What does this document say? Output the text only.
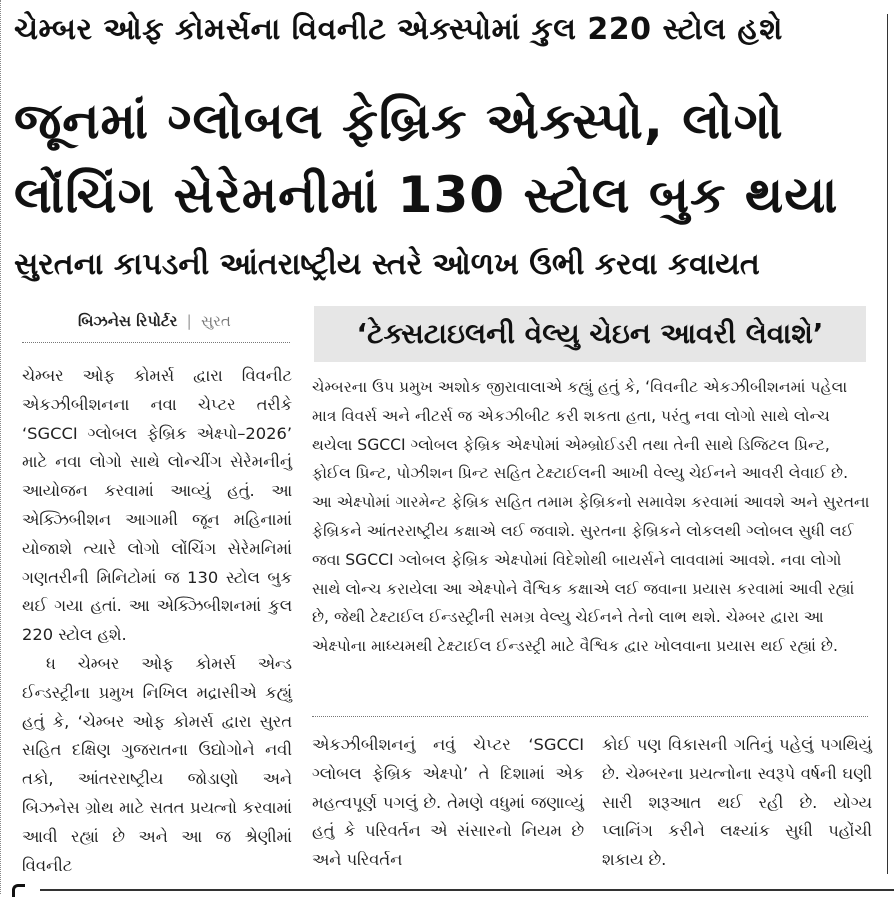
ચેમ્બર ઓફ કોમર્સના વિવનીટ એક્સ્પોમાં કુલ 220 સ્ટોલ હશે
જૂનમાં ગ્લોબલ ફેબ્રિક એક્સ્પો, લોગો
લોંચિંગ સેરેમનીમાં 130 સ્ટોલ બુક થયા
સુરતના કાપડની આંતરાષ્ટ્રીય સ્તરે ઓળખ ઉભી કરવા કવાયત
બિઝનેસ રિપોર્ટર | સુરત	‘ટેક્સટાઇલની વેલ્યુ ચેઇન આવરી લેવાશે’

ચેમ્બર ઓફ કોમર્સ દ્વારા વિવનીટ એકઝીબીશનના નવા ચેપ્ટર તરીકે ‘SGCCI ગ્લોબલ ફેબ્રિક એક્ષ્પો–2026’ માટે નવા લોગો સાથે લોન્ચીંગ સેરેમનીનું આયોજન કરવામાં આવ્યું હતું. આ એક્ઝિબીશન આગામી જૂન મહિનામાં યોજાશે ત્યારે લોગો લોંચિંગ સેરેમનિમાં ગણતરીની મિનિટોમાં જ 130 સ્ટોલ બુક થઈ ગયા હતાં. આ એક્ઝિબીશનમાં કુલ 220 સ્ટોલ હશે.

ધ ચેમ્બર ઓફ કોમર્સ એન્ડ ઈન્ડસ્ટ્રીના પ્રમુખ નિખિલ મદ્રાસીએ કહ્યું હતું કે, ‘ચેમ્બર ઓફ કોમર્સ દ્વારા સુરત સહિત દક્ષિણ ગુજરાતના ઉદ્યોગોને નવી તકો, આંતરરાષ્ટ્રીય જોડાણો અને બિઝનેસ ગ્રોથ માટે સતત પ્રયત્નો કરવામાં આવી રહ્યાં છે અને આ જ શ્રેણીમાં વિવનીટ

ચેમ્બરના ઉપ પ્રમુખ અશોક જીરાવાલાએ કહ્યું હતું કે, ‘વિવનીટ એકઝીબીશનમાં પહેલા માત્ર વિવર્સ અને નીટર્સ જ એકઝીબીટ કરી શકતા હતા, પરંતુ નવા લોગો સાથે લોન્ચ થયેલા SGCCI ગ્લોબલ ફેબ્રિક એક્ષ્પોમાં એમ્બ્રોઈડરી તથા તેની સાથે ડિજિટલ પ્રિન્ટ, ફોઈલ પ્રિન્ટ, પોઝીશન પ્રિન્ટ સહિત ટેક્ષ્ટાઈલની આખી વેલ્યુ ચેઈનને આવરી લેવાઈ છે. આ એક્ષ્પોમાં ગારમેન્ટ ફેબ્રિક સહિત તમામ ફેબ્રિકનો સમાવેશ કરવામાં આવશે અને સુરતના ફેબ્રિકને આંતરરાષ્ટ્રીય કક્ષાએ લઈ જવાશે. સુરતના ફેબ્રિકને લોકલથી ગ્લોબલ સુધી લઈ જવા SGCCI ગ્લોબલ ફેબ્રિક એક્ષ્પોમાં વિદેશોથી બાયર્સને લાવવામાં આવશે. નવા લોગો સાથે લોન્ચ કરાયેલા આ એક્ષ્પોને વૈશ્વિક કક્ષાએ લઈ જવાના પ્રયાસ કરવામાં આવી રહ્યાં છે, જેથી ટેક્ષ્ટાઈલ ઈન્ડસ્ટ્રીની સમગ્ર વેલ્યુ ચેઈનને તેનો લાભ થશે. ચેમ્બર દ્વારા આ એક્ષ્પોના માધ્યમથી ટેક્ષ્ટાઈલ ઈન્ડસ્ટ્રી માટે વૈશ્વિક દ્વાર ખોલવાના પ્રયાસ થઈ રહ્યાં છે.

એકઝીબીશનનું નવું ચેપ્ટર ‘SGCCI ગ્લોબલ ફેબ્રિક એક્ષ્પો’ તે દિશામાં એક મહત્વપૂર્ણ પગલું છે. તેમણે વધુમાં જણાવ્યું હતું કે પરિવર્તન એ સંસારનો નિયમ છે અને પરિવર્તન
કોઈ પણ વિકાસની ગતિનું પહેલું પગથિયું છે. ચેમ્બરના પ્રયત્નોના સ્વરૂપે વર્ષની ઘણી સારી શરૂઆત થઈ રહી છે. યોગ્ય પ્લાનિંગ કરીને લક્ષ્યાંક સુધી પહોંચી શકાય છે.
